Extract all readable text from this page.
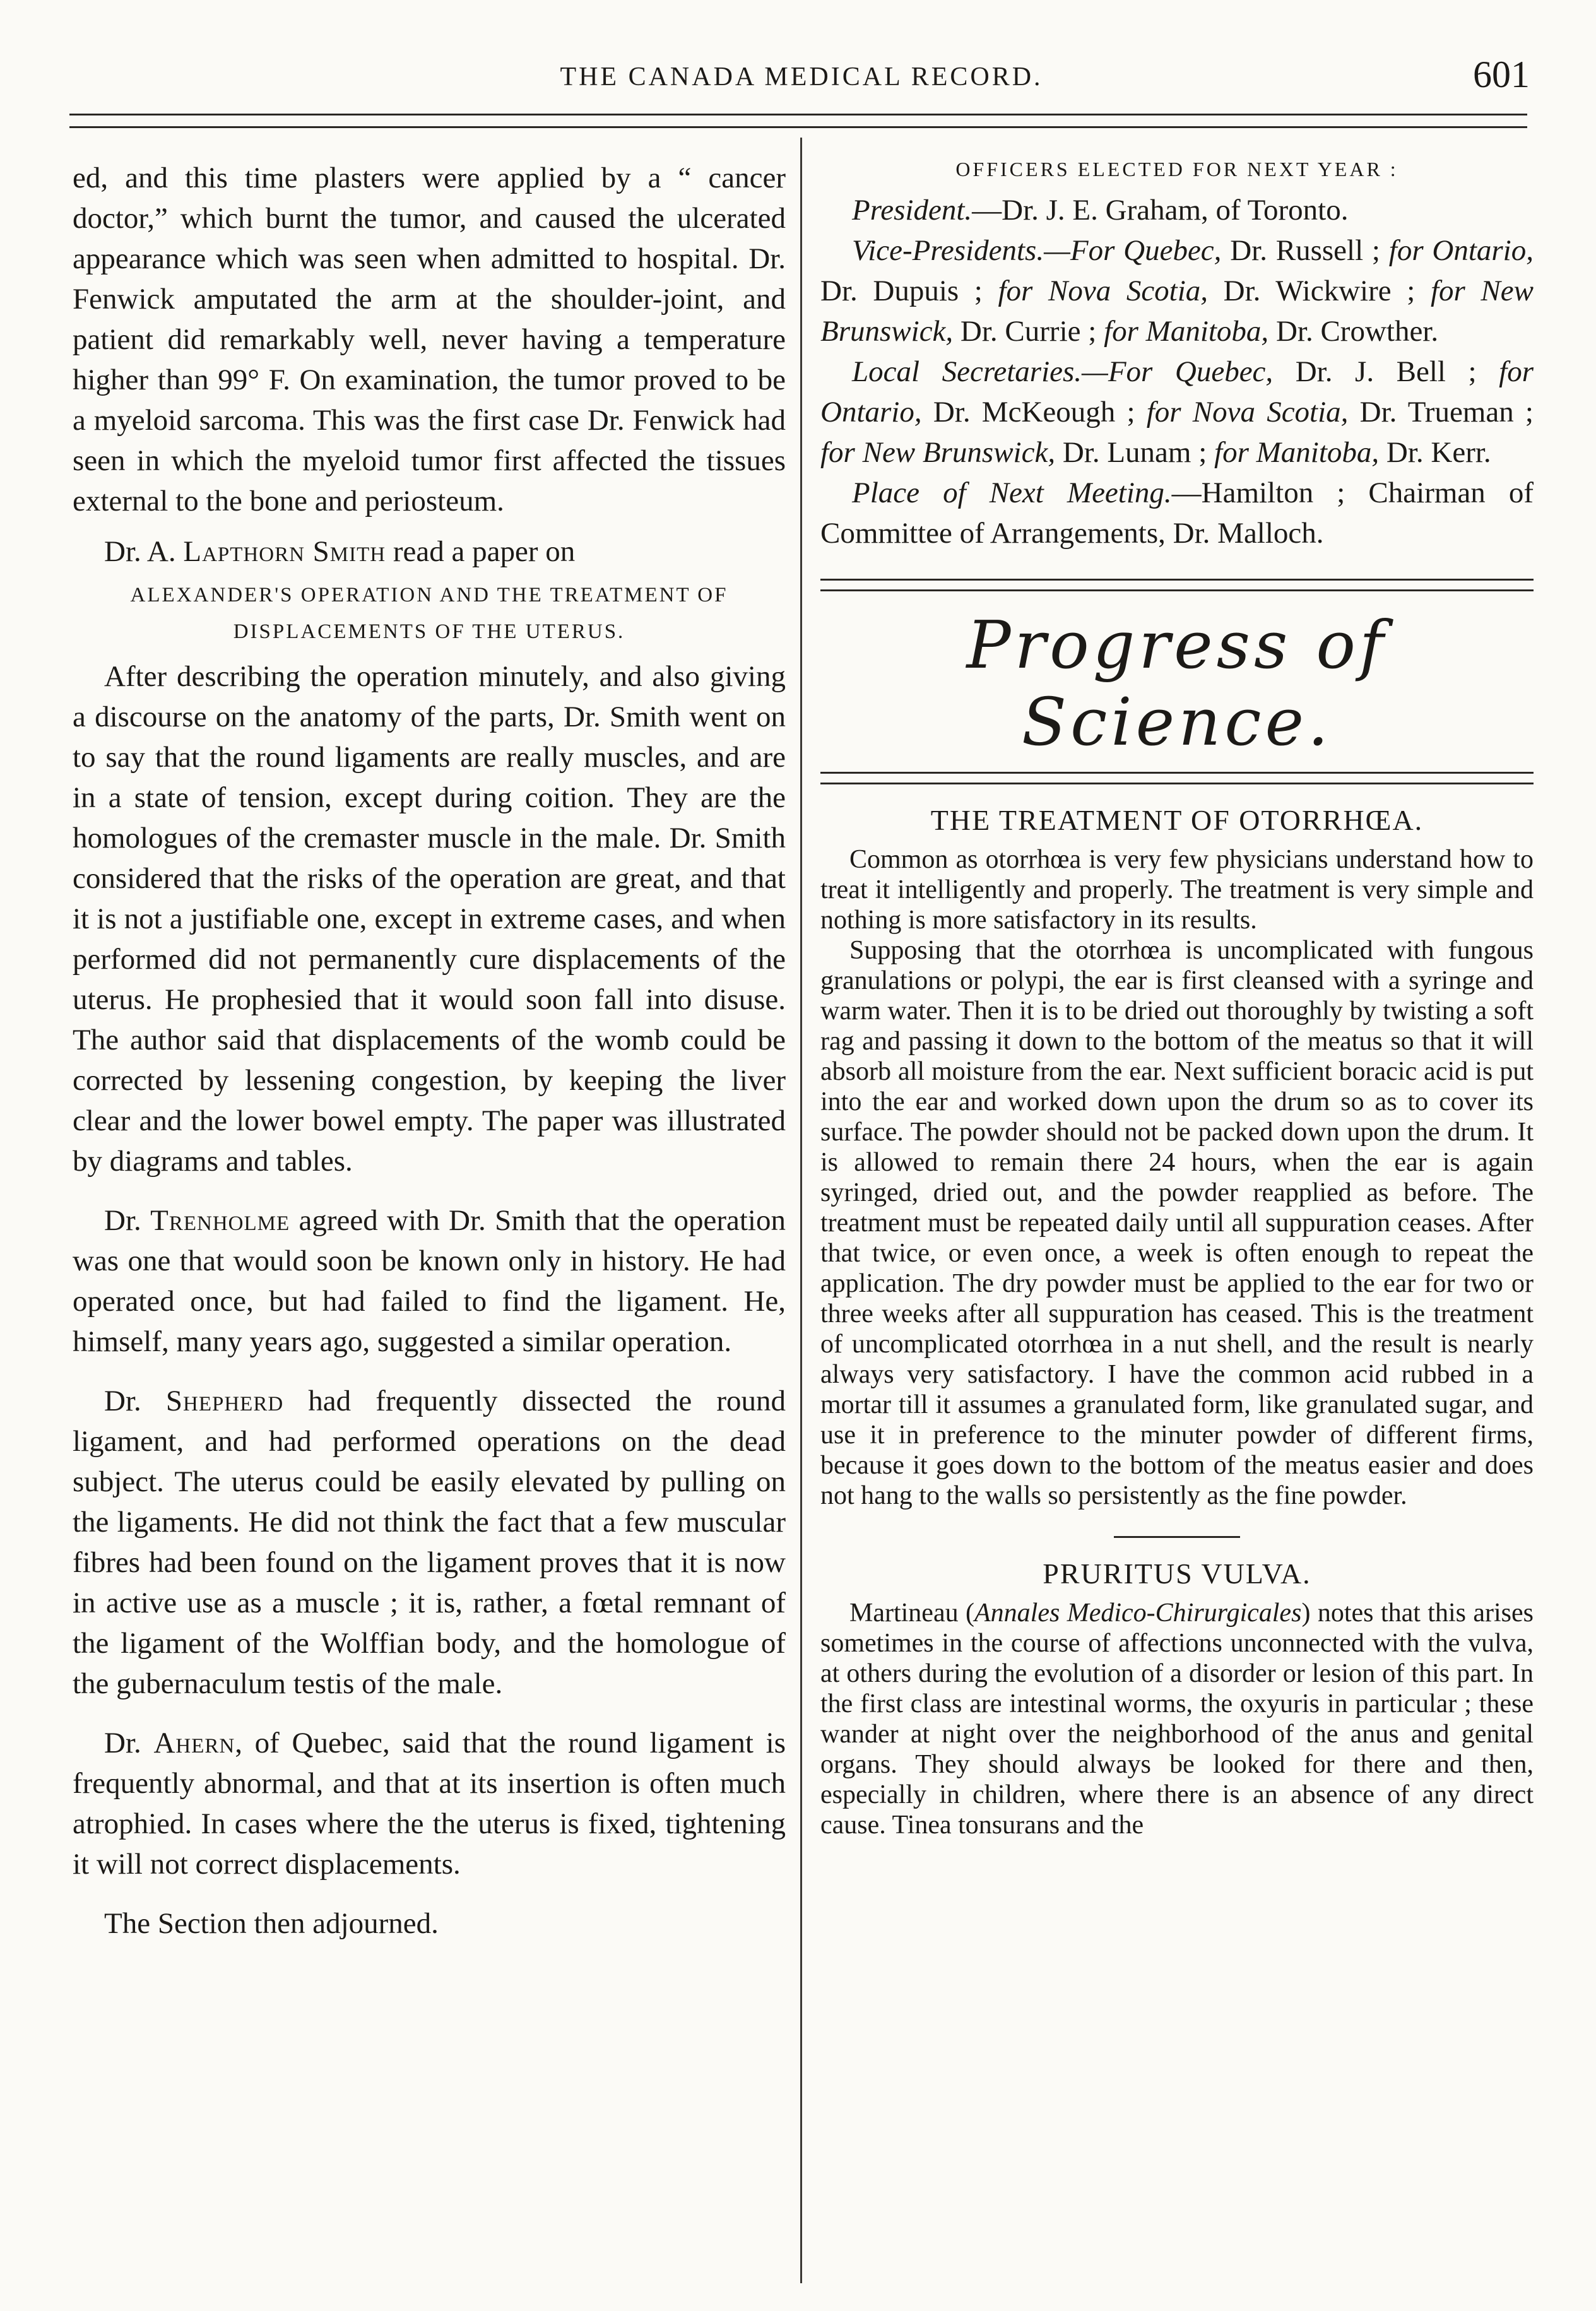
THE CANADA MEDICAL RECORD.	601

ed, and this time plasters were applied by a “ cancer doctor,” which burnt the tumor, and caused the ulcerated appearance which was seen when admitted to hospital. Dr. Fenwick amputated the arm at the shoulder-joint, and patient did remarkably well, never having a temperature higher than 99° F. On examination, the tumor proved to be a myeloid sarcoma. This was the first case Dr. Fenwick had seen in which the myeloid tumor first affected the tissues external to the bone and periosteum.

Dr. A. Lapthorn Smith read a paper on

ALEXANDER'S OPERATION AND THE TREATMENT OF DISPLACEMENTS OF THE UTERUS.

After describing the operation minutely, and also giving a discourse on the anatomy of the parts, Dr. Smith went on to say that the round ligaments are really muscles, and are in a state of tension, except during coition. They are the homologues of the cremaster muscle in the male. Dr. Smith considered that the risks of the operation are great, and that it is not a justifiable one, except in extreme cases, and when performed did not permanently cure displacements of the uterus. He prophesied that it would soon fall into disuse. The author said that displacements of the womb could be corrected by lessening congestion, by keeping the liver clear and the lower bowel empty. The paper was illustrated by diagrams and tables.

Dr. Trenholme agreed with Dr. Smith that the operation was one that would soon be known only in history. He had operated once, but had failed to find the ligament. He, himself, many years ago, suggested a similar operation.

Dr. Shepherd had frequently dissected the round ligament, and had performed operations on the dead subject. The uterus could be easily elevated by pulling on the ligaments. He did not think the fact that a few muscular fibres had been found on the ligament proves that it is now in active use as a muscle ; it is, rather, a fœtal remnant of the ligament of the Wolffian body, and the homologue of the gubernaculum testis of the male.

Dr. Ahern, of Quebec, said that the round ligament is frequently abnormal, and that at its insertion is often much atrophied. In cases where the the uterus is fixed, tightening it will not correct displacements.

The Section then adjourned.

OFFICERS ELECTED FOR NEXT YEAR :

President.—Dr. J. E. Graham, of Toronto.

Vice-Presidents.—For Quebec, Dr. Russell ; for Ontario, Dr. Dupuis ; for Nova Scotia, Dr. Wickwire ; for New Brunswick, Dr. Currie ; for Manitoba, Dr. Crowther.

Local Secretaries.—For Quebec, Dr. J. Bell ; for Ontario, Dr. McKeough ; for Nova Scotia, Dr. Trueman ; for New Brunswick, Dr. Lunam ; for Manitoba, Dr. Kerr.

Place of Next Meeting.—Hamilton ; Chairman of Committee of Arrangements, Dr. Malloch.

Progress of Science.
THE TREATMENT OF OTORRHŒA.

Common as otorrhœa is very few physicians understand how to treat it intelligently and properly. The treatment is very simple and nothing is more satisfactory in its results.

Supposing that the otorrhœa is uncomplicated with fungous granulations or polypi, the ear is first cleansed with a syringe and warm water. Then it is to be dried out thoroughly by twisting a soft rag and passing it down to the bottom of the meatus so that it will absorb all moisture from the ear. Next sufficient boracic acid is put into the ear and worked down upon the drum so as to cover its surface. The powder should not be packed down upon the drum. It is allowed to remain there 24 hours, when the ear is again syringed, dried out, and the powder reapplied as before. The treatment must be repeated daily until all suppuration ceases. After that twice, or even once, a week is often enough to repeat the application. The dry powder must be applied to the ear for two or three weeks after all suppuration has ceased. This is the treatment of uncomplicated otorrhœa in a nut shell, and the result is nearly always very satisfactory. I have the common acid rubbed in a mortar till it assumes a granulated form, like granulated sugar, and use it in preference to the minuter powder of different firms, because it goes down to the bottom of the meatus easier and does not hang to the walls so persistently as the fine powder.

PRURITUS VULVA.

Martineau (Annales Medico-Chirurgicales) notes that this arises sometimes in the course of affections unconnected with the vulva, at others during the evolution of a disorder or lesion of this part. In the first class are intestinal worms, the oxyuris in particular ; these wander at night over the neighborhood of the anus and genital organs. They should always be looked for there and then, especially in children, where there is an absence of any direct cause. Tinea tonsurans and the
